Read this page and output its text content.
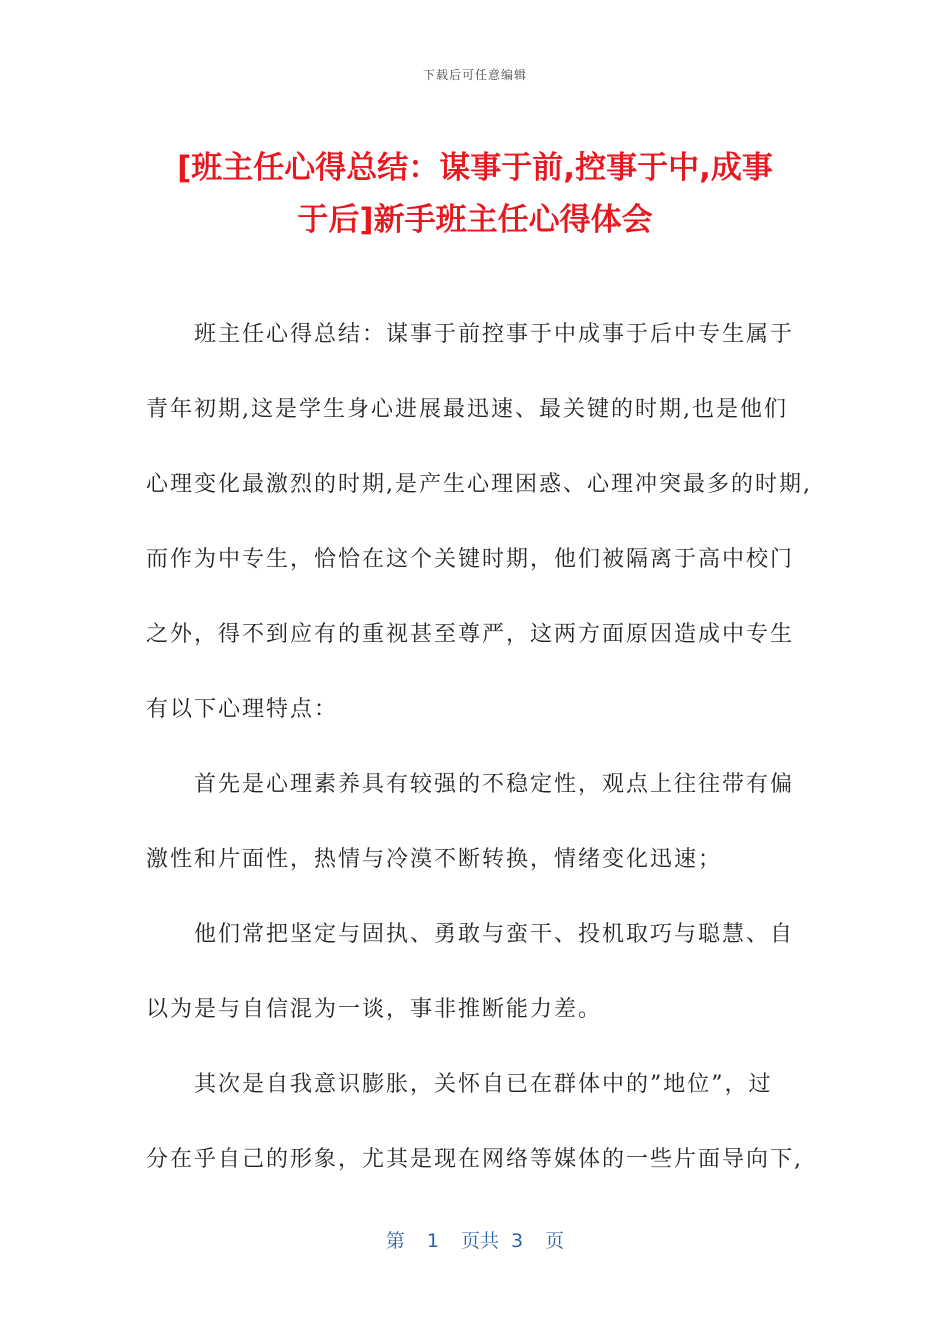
下载后可任意编辑
[班主任心得总结：谋事于前,控事于中,成事
于后]新手班主任心得体会
班主任心得总结：谋事于前控事于中成事于后中专生属于
青年初期,这是学生身心进展最迅速、最关键的时期,也是他们
心理变化最激烈的时期,是产生心理困惑、心理冲突最多的时期,
而作为中专生，恰恰在这个关键时期，他们被隔离于高中校门
之外，得不到应有的重视甚至尊严，这两方面原因造成中专生
有以下心理特点：
首先是心理素养具有较强的不稳定性，观点上往往带有偏
激性和片面性，热情与冷漠不断转换，情绪变化迅速；
他们常把坚定与固执、勇敢与蛮干、投机取巧与聪慧、自
以为是与自信混为一谈，事非推断能力差。
其次是自我意识膨胀，关怀自已在群体中的”地位”，过
分在乎自己的形象，尤其是现在网络等媒体的一些片面导向下,
第 1 页共 3 页
